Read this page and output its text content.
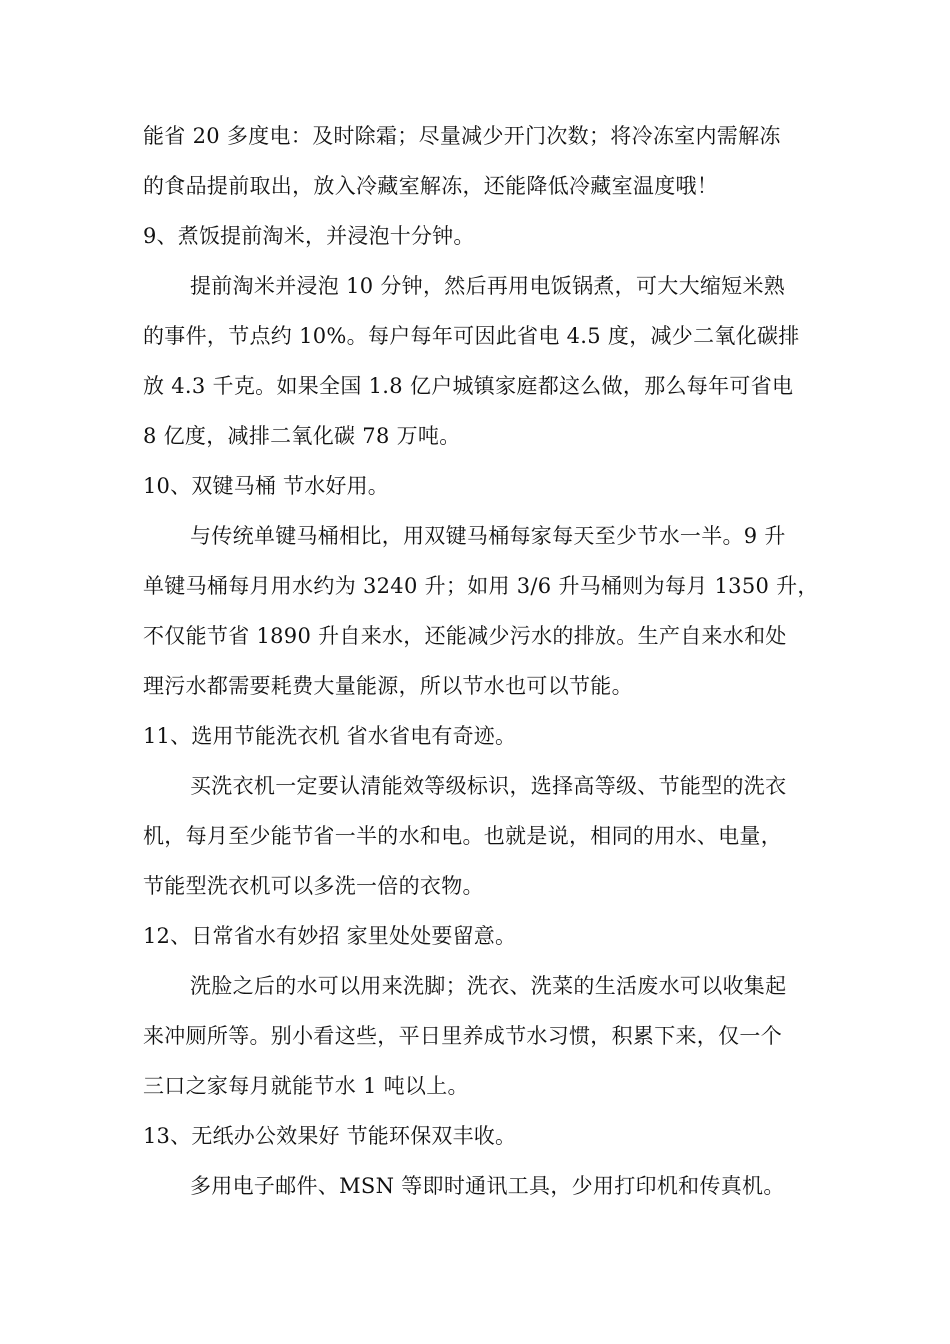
能省 20 多度电：及时除霜；尽量减少开门次数；将冷冻室内需解冻
的食品提前取出，放入冷藏室解冻，还能降低冷藏室温度哦！
9、煮饭提前淘米，并浸泡十分钟。
提前淘米并浸泡 10 分钟，然后再用电饭锅煮，可大大缩短米熟
的事件，节点约 10%。每户每年可因此省电 4.5 度，减少二氧化碳排
放 4.3 千克。如果全国 1.8 亿户城镇家庭都这么做，那么每年可省电
8 亿度，减排二氧化碳 78 万吨。
10、双键马桶 节水好用。
与传统单键马桶相比，用双键马桶每家每天至少节水一半。9 升
单键马桶每月用水约为 3240 升；如用 3/6 升马桶则为每月 1350 升，
不仅能节省 1890 升自来水，还能减少污水的排放。生产自来水和处
理污水都需要耗费大量能源，所以节水也可以节能。
11、选用节能洗衣机 省水省电有奇迹。
买洗衣机一定要认清能效等级标识，选择高等级、节能型的洗衣
机，每月至少能节省一半的水和电。也就是说，相同的用水、电量，
节能型洗衣机可以多洗一倍的衣物。
12、日常省水有妙招 家里处处要留意。
洗脸之后的水可以用来洗脚；洗衣、洗菜的生活废水可以收集起
来冲厕所等。别小看这些，平日里养成节水习惯，积累下来，仅一个
三口之家每月就能节水 1 吨以上。
13、无纸办公效果好 节能环保双丰收。
多用电子邮件、MSN 等即时通讯工具，少用打印机和传真机。
